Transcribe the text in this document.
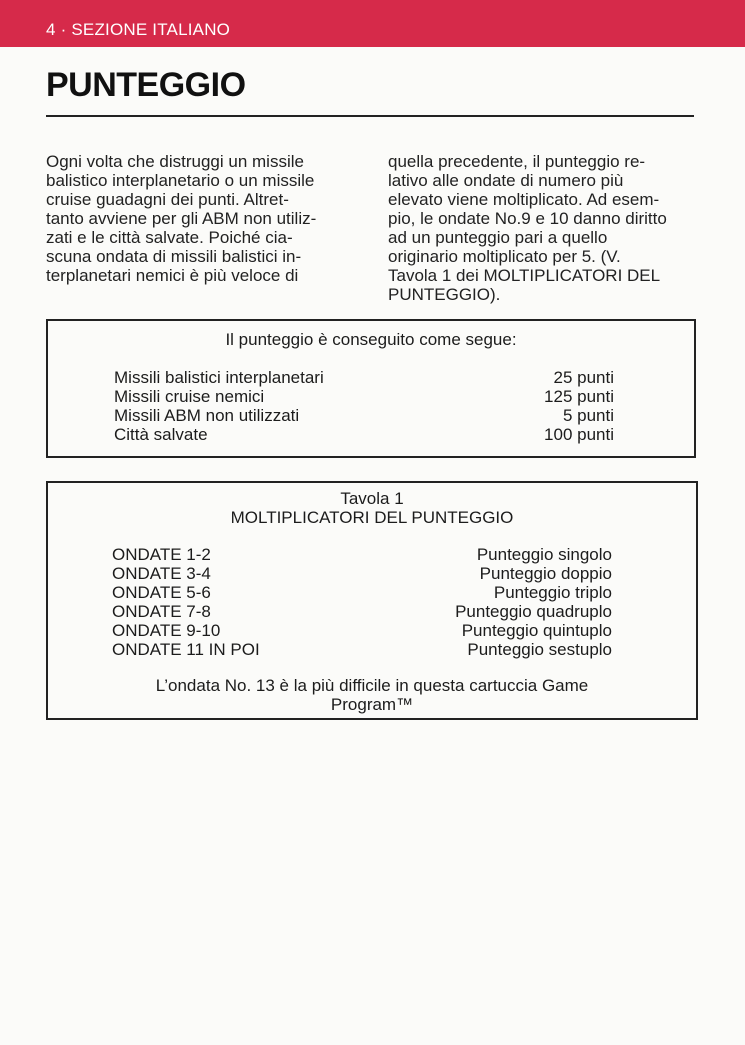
4 · SEZIONE ITALIANO
PUNTEGGIO
Ogni volta che distruggi un missile
balistico interplanetario o un missile
cruise guadagni dei punti. Altret-
tanto avviene per gli ABM non utiliz-
zati e le città salvate. Poiché cia-
scuna ondata di missili balistici in-
terplanetari nemici è più veloce di
quella precedente, il punteggio re-
lativo alle ondate di numero più
elevato viene moltiplicato. Ad esem-
pio, le ondate No.9 e 10 danno diritto
ad un punteggio pari a quello
originario moltiplicato per 5. (V.
Tavola 1 dei MOLTIPLICATORI DEL
PUNTEGGIO).
Il punteggio è conseguito come segue:
Missili balistici interplanetari	25 punti
Missili cruise nemici	125 punti
Missili ABM non utilizzati	5 punti
Città salvate	100 punti
Tavola 1
MOLTIPLICATORI DEL PUNTEGGIO
ONDATE 1-2	Punteggio singolo
ONDATE 3-4	Punteggio doppio
ONDATE 5-6	Punteggio triplo
ONDATE 7-8	Punteggio quadruplo
ONDATE 9-10	Punteggio quintuplo
ONDATE 11 IN POI	Punteggio sestuplo
L’ondata No. 13 è la più difficile in questa cartuccia Game
Program™
